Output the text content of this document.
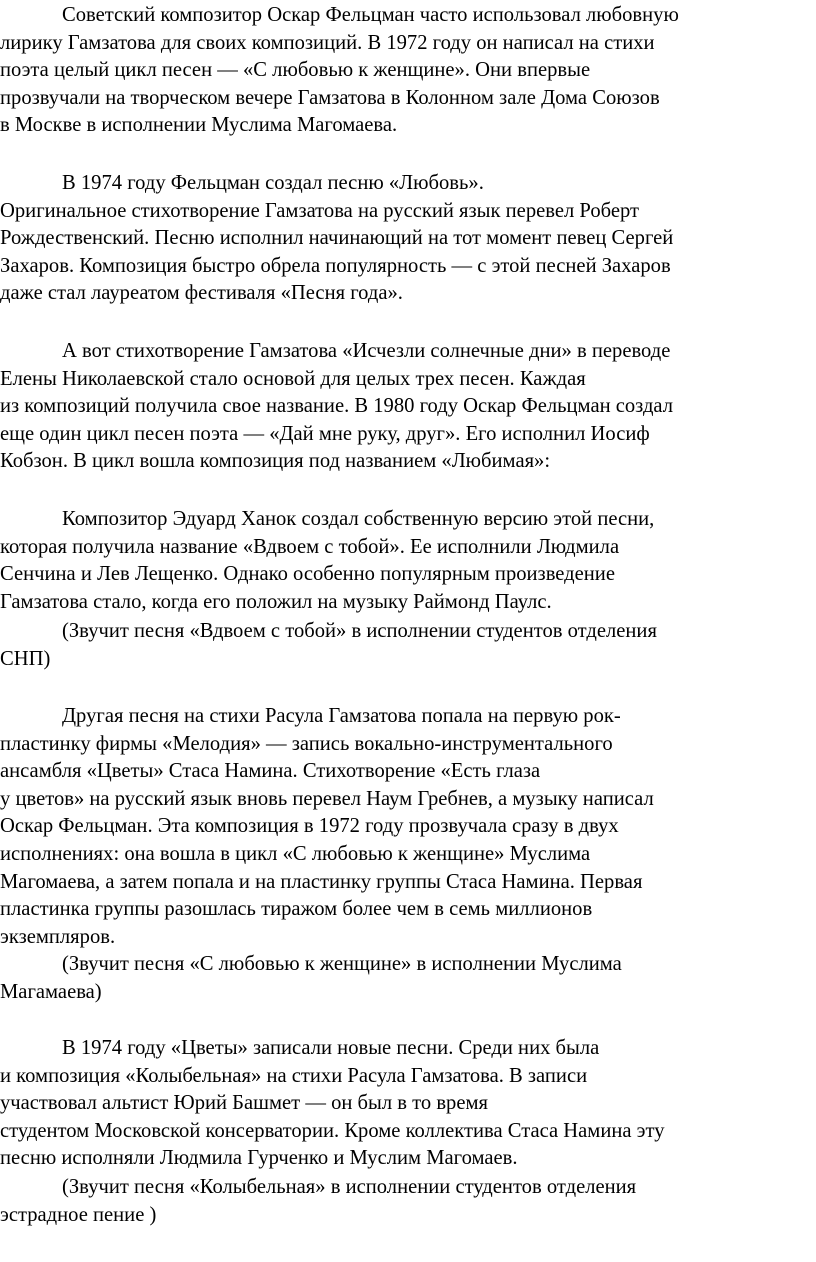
Советский композитор Оскар Фельцман часто использовал любовную
лирику Гамзатова для своих композиций. В 1972 году он написал на стихи
поэта целый цикл песен — «С любовью к женщине». Они впервые
прозвучали на творческом вечере Гамзатова в Колонном зале Дома Союзов
в Москве в исполнении Муслима Магомаева.
В 1974 году Фельцман создал песню «Любовь».
Оригинальное стихотворение Гамзатова на русский язык перевел Роберт
Рождественский. Песню исполнил начинающий на тот момент певец Сергей
Захаров. Композиция быстро обрела популярность — с этой песней Захаров
даже стал лауреатом фестиваля «Песня года».
А вот стихотворение Гамзатова «Исчезли солнечные дни» в переводе
Елены Николаевской стало основой для целых трех песен. Каждая
из композиций получила свое название. В 1980 году Оскар Фельцман создал
еще один цикл песен поэта — «Дай мне руку, друг». Его исполнил Иосиф
Кобзон. В цикл вошла композиция под названием «Любимая»:
Композитор Эдуард Ханок создал собственную версию этой песни,
которая получила название «Вдвоем с тобой». Ее исполнили Людмила
Сенчина и Лев Лещенко. Однако особенно популярным произведение
Гамзатова стало, когда его положил на музыку Раймонд Паулс.
(Звучит песня «Вдвоем с тобой» в исполнении студентов отделения
СНП)
Другая песня на стихи Расула Гамзатова попала на первую рок-
пластинку фирмы «Мелодия» — запись вокально-инструментального
ансамбля «Цветы» Стаса Намина. Стихотворение «Есть глаза
у цветов» на русский язык вновь перевел Наум Гребнев, а музыку написал
Оскар Фельцман. Эта композиция в 1972 году прозвучала сразу в двух
исполнениях: она вошла в цикл «С любовью к женщине» Муслима
Магомаева, а затем попала и на пластинку группы Стаса Намина. Первая
пластинка группы разошлась тиражом более чем в семь миллионов
экземпляров.
(Звучит песня «С любовью к женщине» в исполнении Муслима
Магамаева)
В 1974 году «Цветы» записали новые песни. Среди них была
и композиция «Колыбельная» на стихи Расула Гамзатова. В записи
участвовал альтист Юрий Башмет — он был в то время
студентом Московской консерватории. Кроме коллектива Стаса Намина эту
песню исполняли Людмила Гурченко и Муслим Магомаев.
(Звучит песня «Колыбельная» в исполнении студентов отделения
эстрадное пение )
